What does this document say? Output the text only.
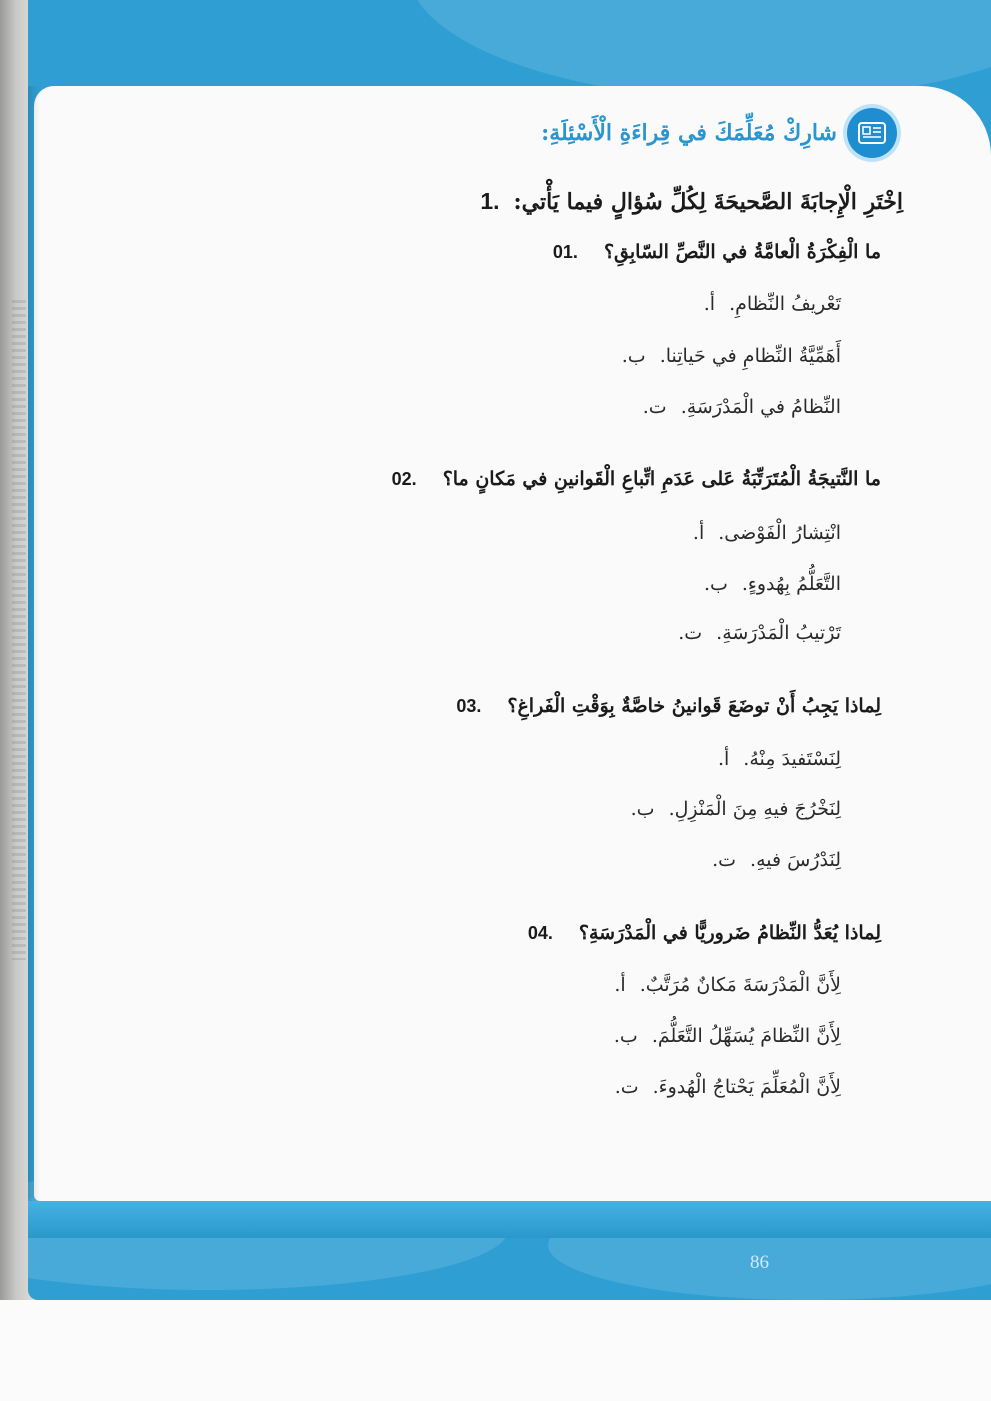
شارِكْ مُعَلِّمَكَ في قِراءَةِ الْأَسْئِلَةِ:
1. اِخْتَرِ الْإِجابَةَ الصَّحيحَةَ لِكُلِّ سُؤالٍ فيما يَأْتي:
01. ما الْفِكْرَةُ الْعامَّةُ في النَّصِّ السّابِقِ؟
أ. تَعْريفُ النِّظامِ.
ب. أَهَمِّيَّةُ النِّظامِ في حَياتِنا.
ت. النِّظامُ في الْمَدْرَسَةِ.
02. ما النَّتيجَةُ الْمُتَرَتِّبَةُ عَلى عَدَمِ اتِّباعِ الْقَوانينِ في مَكانٍ ما؟
أ. انْتِشارُ الْفَوْضى.
ب. التَّعَلُّمُ بِهُدوءٍ.
ت. تَرْتيبُ الْمَدْرَسَةِ.
03. لِماذا يَجِبُ أَنْ توضَعَ قَوانينُ خاصَّةٌ بِوَقْتِ الْفَراغِ؟
أ. لِنَسْتَفيدَ مِنْهُ.
ب. لِنَخْرُجَ فيهِ مِنَ الْمَنْزِلِ.
ت. لِنَدْرُسَ فيهِ.
04. لِماذا يُعَدُّ النِّظامُ ضَروريًّا في الْمَدْرَسَةِ؟
أ. لِأَنَّ الْمَدْرَسَةَ مَكانٌ مُرَتَّبٌ.
ب. لِأَنَّ النِّظامَ يُسَهِّلُ التَّعَلُّمَ.
ت. لِأَنَّ الْمُعَلِّمَ يَحْتاجُ الْهُدوءَ.
86
